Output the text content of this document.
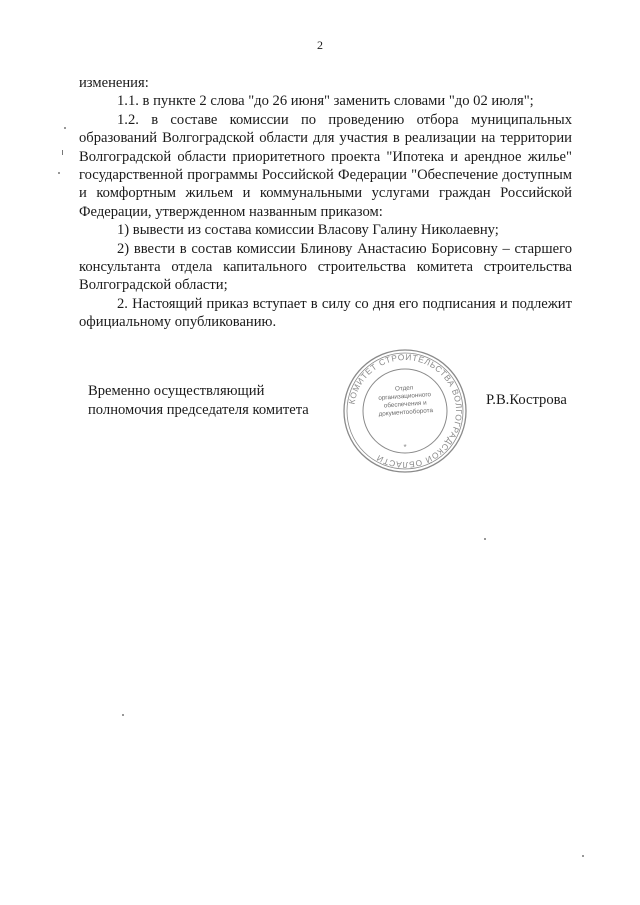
2

изменения:

1.1. в пункте 2 слова "до 26 июня" заменить словами "до 02 июля";

1.2. в составе комиссии по проведению отбора муниципальных образований Волгоградской области для участия в реализации на территории Волгоградской области приоритетного проекта "Ипотека и арендное жилье" государственной программы Российской Федерации "Обеспечение доступным и комфортным жильем и коммунальными услугами граждан Российской Федерации, утвержденном названным приказом:

1) вывести из состава комиссии Власову Галину Николаевну;

2) ввести в состав комиссии Блинову Анастасию Борисовну – старшего консультанта отдела капитального строительства комитета строительства Волгоградской области;

2. Настоящий приказ вступает в силу со дня его подписания и подлежит официальному опубликованию.

Временно осуществляющий
полномочия председателя комитета
КОМИТЕТ СТРОИТЕЛЬСТВА ВОЛГОГРАДСКОЙ ОБЛАСТИ
*
Отдел
организационного
обеспечения и
документооборота
Р.В.Кострова
